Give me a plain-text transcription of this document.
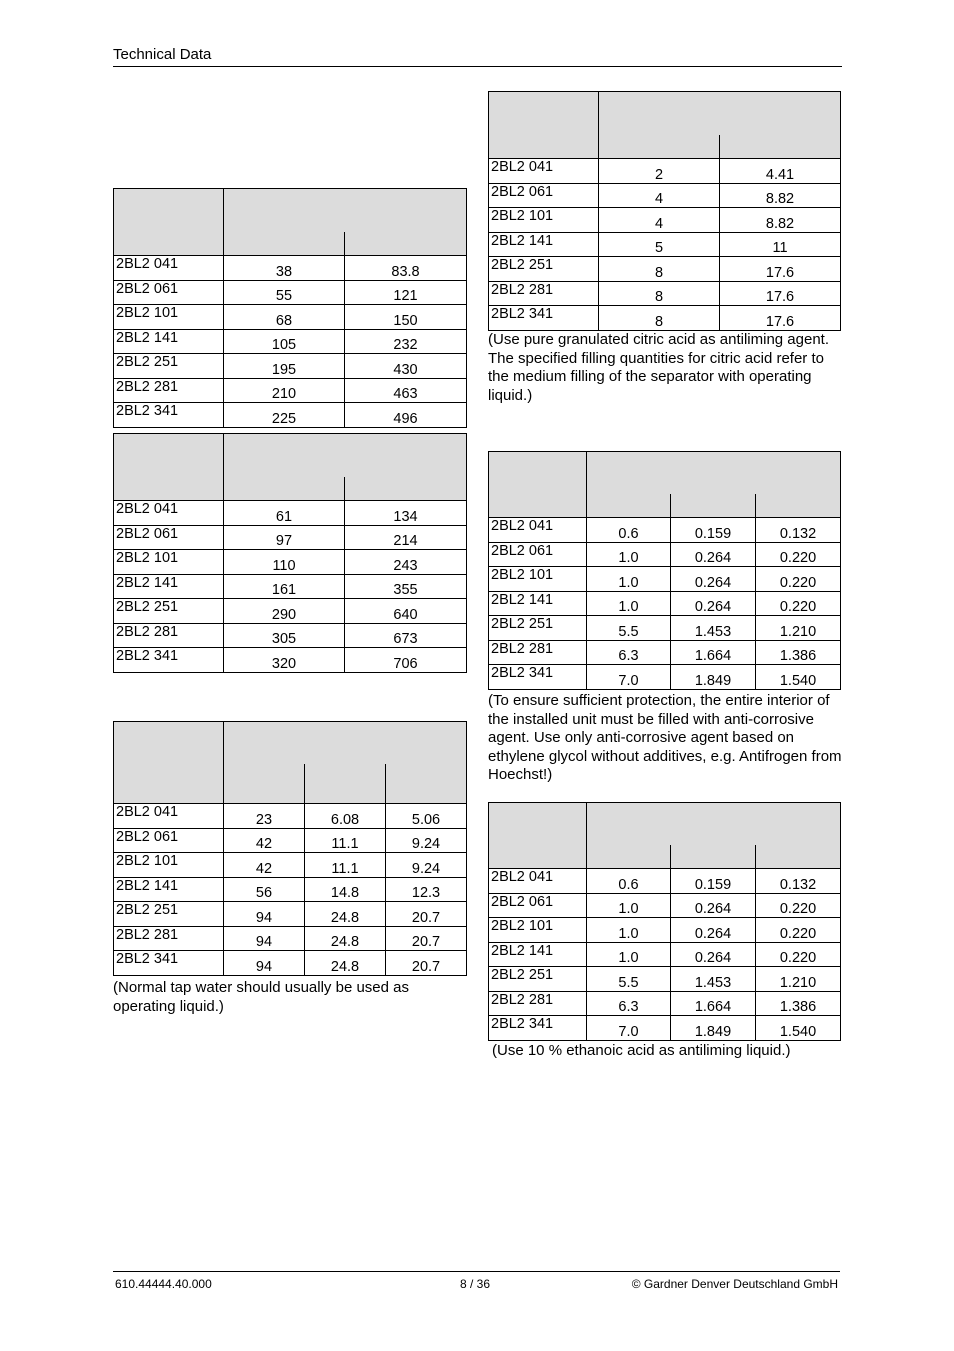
Technical Data

2BL2 041	38	83.8
2BL2 061	55	121
2BL2 101	68	150
2BL2 141	105	232
2BL2 251	195	430
2BL2 281	210	463
2BL2 341	225	496

2BL2 041	61	134
2BL2 061	97	214
2BL2 101	110	243
2BL2 141	161	355
2BL2 251	290	640
2BL2 281	305	673
2BL2 341	320	706

2BL2 041	23	6.08	5.06
2BL2 061	42	11.1	9.24
2BL2 101	42	11.1	9.24
2BL2 141	56	14.8	12.3
2BL2 251	94	24.8	20.7
2BL2 281	94	24.8	20.7
2BL2 341	94	24.8	20.7
(Normal tap water should usually be used as operating liquid.)

2BL2 041	2	4.41
2BL2 061	4	8.82
2BL2 101	4	8.82
2BL2 141	5	11
2BL2 251	8	17.6
2BL2 281	8	17.6
2BL2 341	8	17.6
(Use pure granulated citric acid as antiliming agent. The specified filling quantities for citric acid refer to the medium filling of the separator with operating liquid.)

2BL2 041	0.6	0.159	0.132
2BL2 061	1.0	0.264	0.220
2BL2 101	1.0	0.264	0.220
2BL2 141	1.0	0.264	0.220
2BL2 251	5.5	1.453	1.210
2BL2 281	6.3	1.664	1.386
2BL2 341	7.0	1.849	1.540
(To ensure sufficient protection, the entire interior of the installed unit must be filled with anti-corrosive agent. Use only anti-corrosive agent based on ethylene glycol without additives, e.g. Antifrogen from Hoechst!)

2BL2 041	0.6	0.159	0.132
2BL2 061	1.0	0.264	0.220
2BL2 101	1.0	0.264	0.220
2BL2 141	1.0	0.264	0.220
2BL2 251	5.5	1.453	1.210
2BL2 281	6.3	1.664	1.386
2BL2 341	7.0	1.849	1.540
(Use 10 % ethanoic acid as antiliming liquid.)
610.44444.40.000	8 / 36	© Gardner Denver Deutschland GmbH
